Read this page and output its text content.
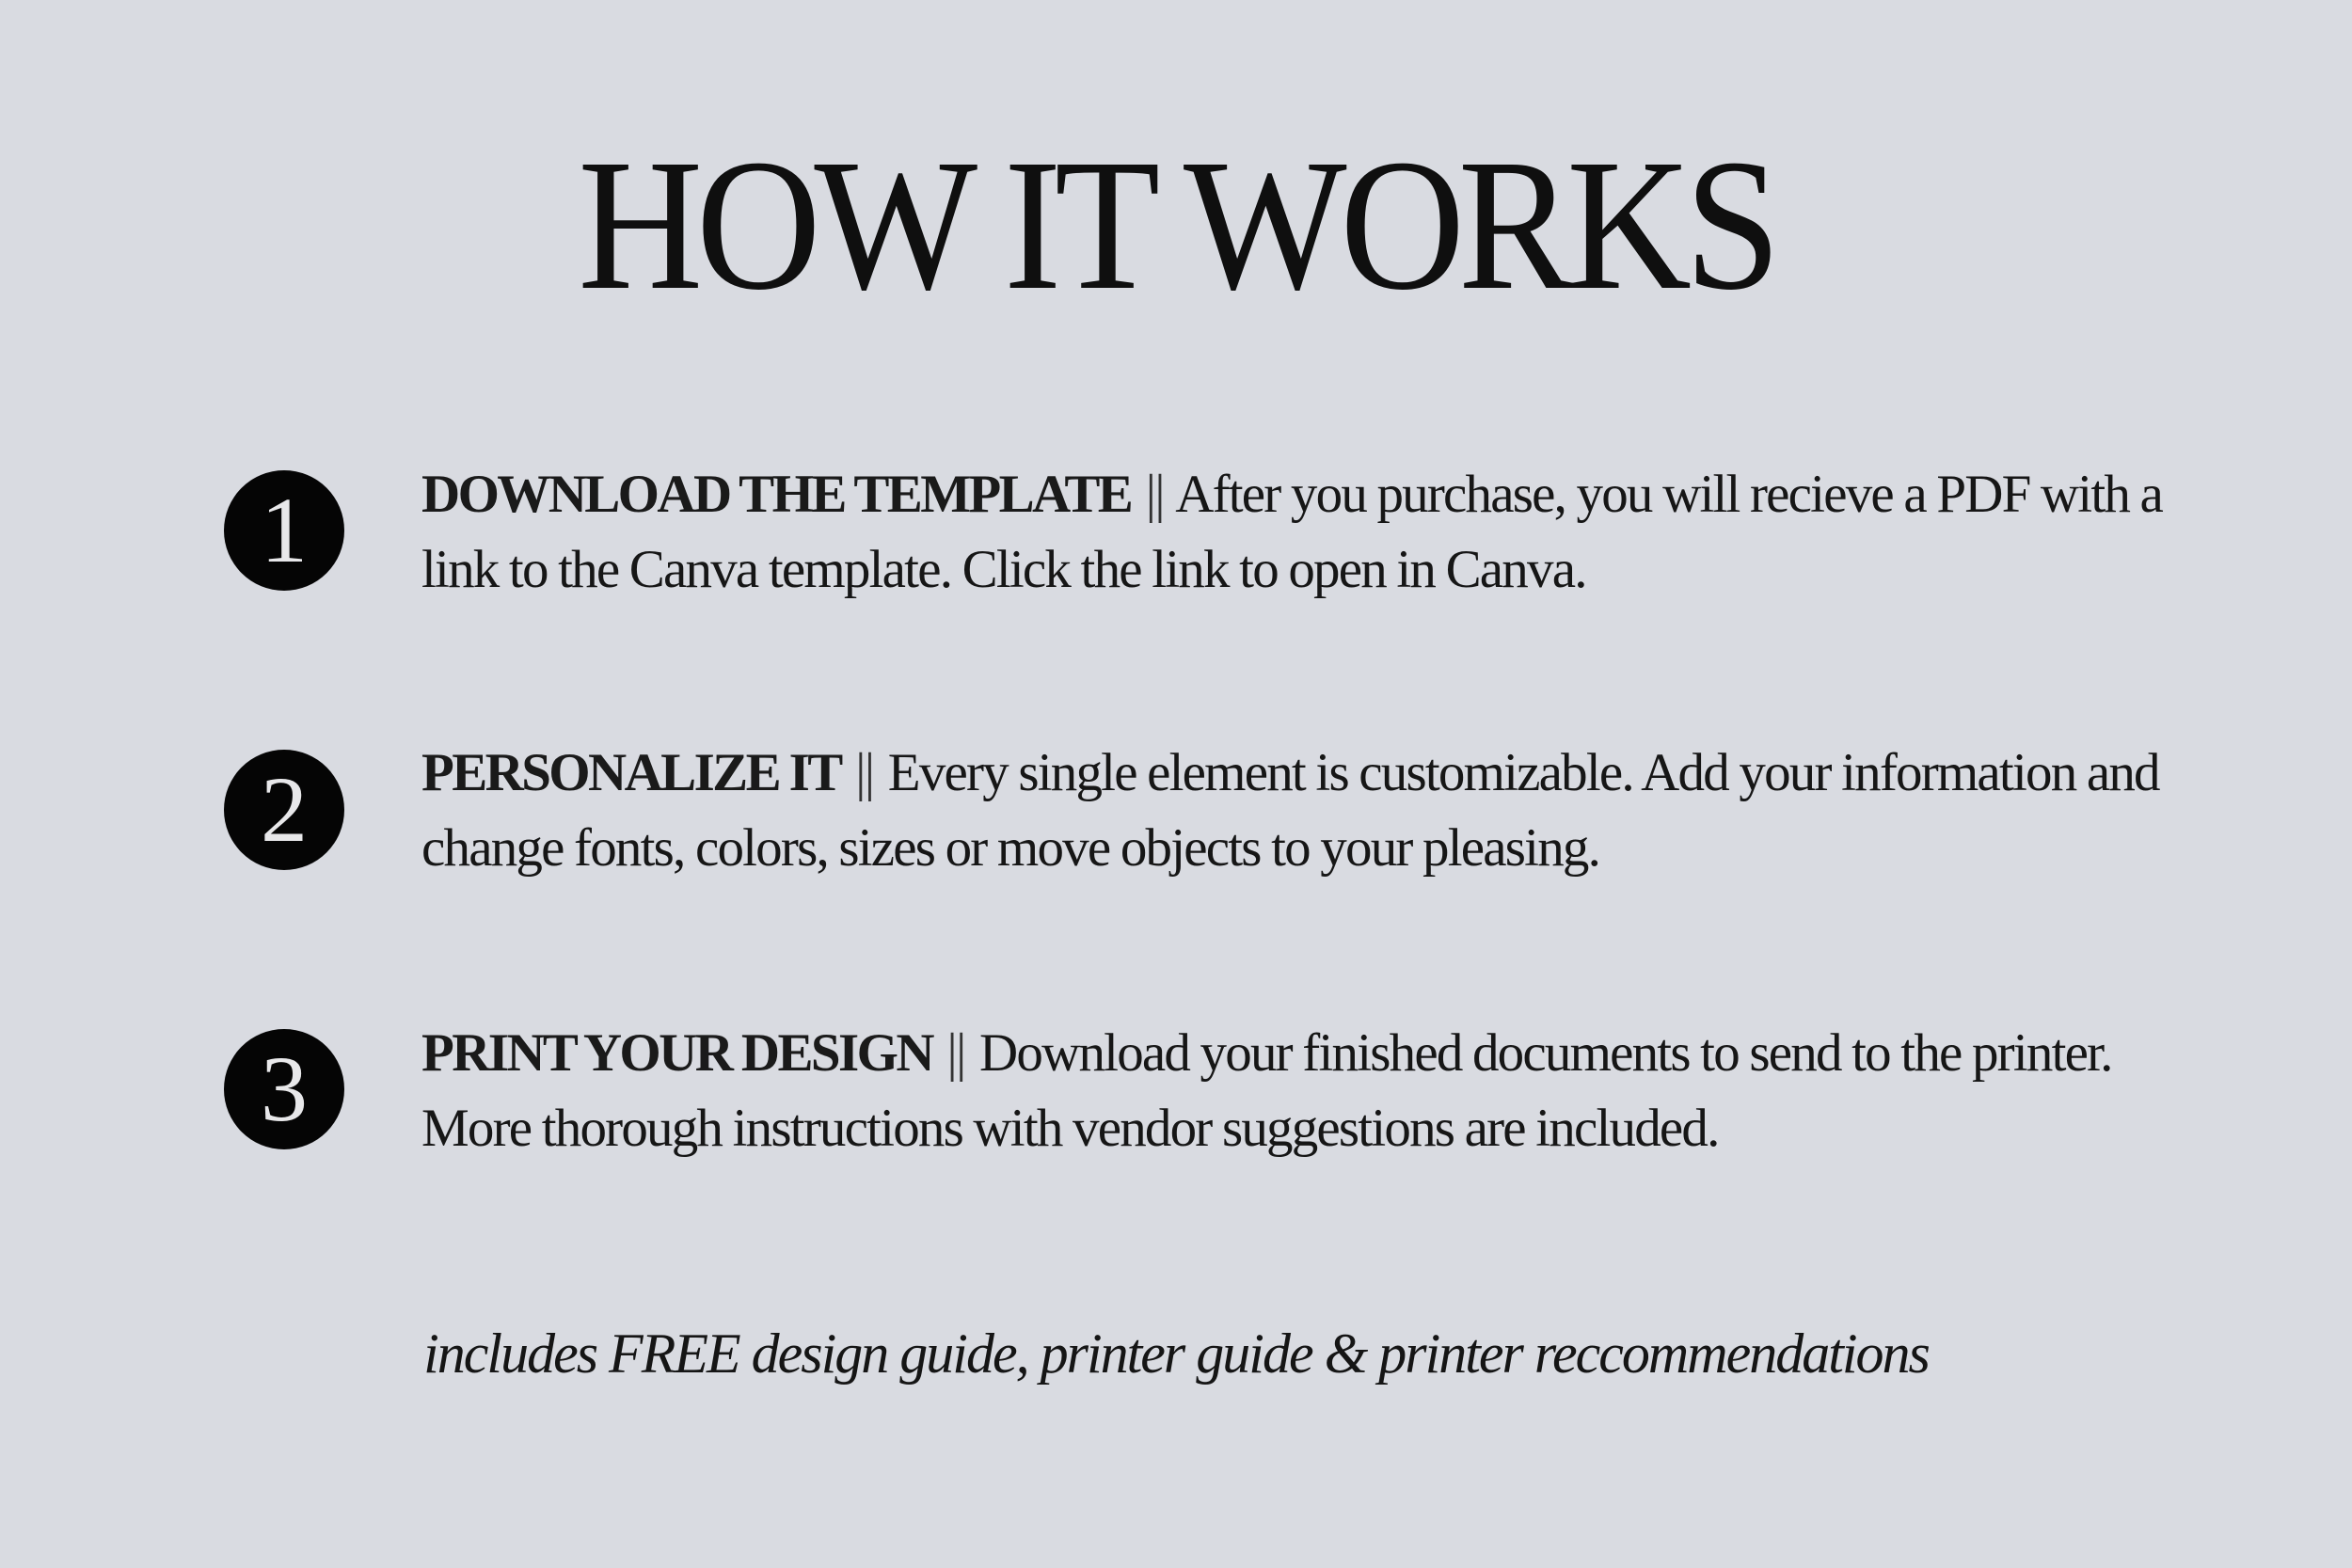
HOW IT WORKS
1	DOWNLOAD THE TEMPLATE || After you purchase, you will recieve a PDF with a link to the Canva template. Click the link to open in Canva.
2	PERSONALIZE IT || Every single element is customizable. Add your information and change fonts, colors, sizes or move objects to your pleasing.
3	PRINT YOUR DESIGN || Download your finished documents to send to the printer. More thorough instructions with vendor suggestions are included.
includes FREE design guide, printer guide & printer reccommendations
